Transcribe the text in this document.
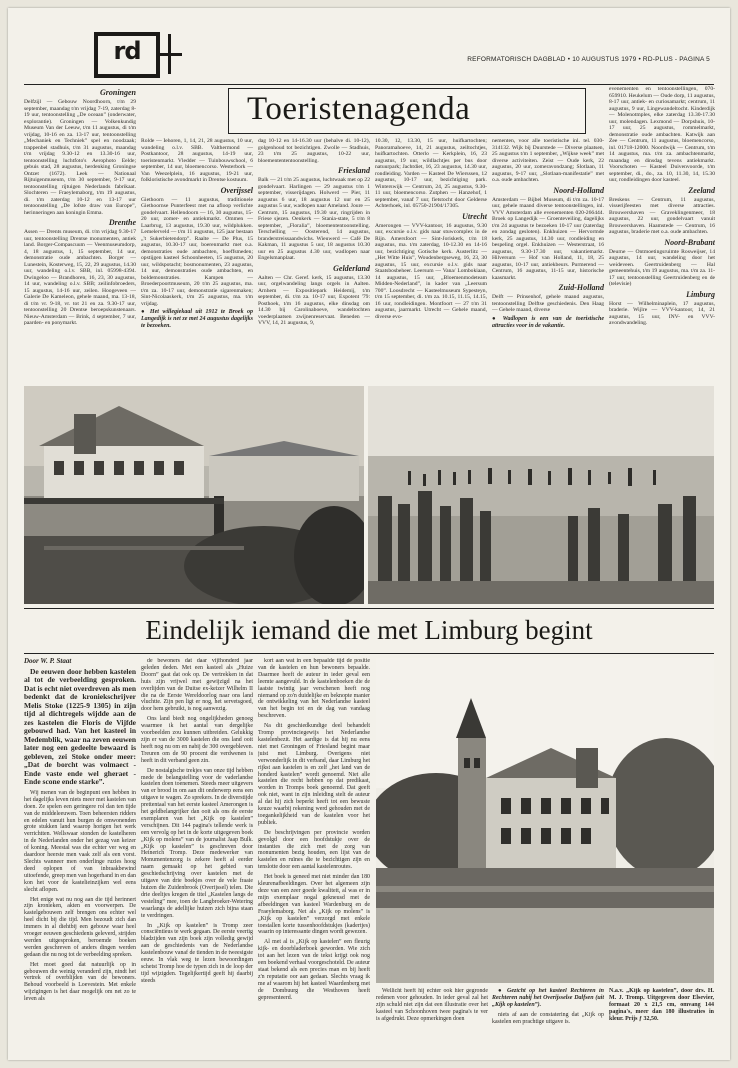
rd	REFORMATORISCH DAGBLAD • 10 AUGUSTUS 1979 • RD-PLUS - PAGINA 5
Toeristenagenda
Groningen

Delfzijl — Gebouw Noordhoorn, t/m 29 september, maandag t/m vrijdag 7-19, zaterdag 8-19 uur, tentoonstelling „De oceaan” (onderwater, explorantie). Groningen — Volkenkundig Museum Van der Leeuw, t/m 11 augustus, di t/m vrijdag, 10-16 en za. 13-17 uur, tentoonstelling „Mechaniek en Techniek” spel en noodzaak; trappenbel stadhuis, t/m 31 augustus, maandag t/m vrijdag 9.30-12 en 13.30-16 uur, tentoonstelling luchtfoto's Aerophoto Eelde; gebuis stad, 28 augustus, herdenking Groningse Ontzet (1672). Leek — Nationaal Rijtuigenmuseum, t/m 30 september, 9-17 uur, tentoonstelling rijtuigen Nederlands fabrikaat. Slochteren — Fraeylemaborg, t/m 19 augustus, di. t/m zaterdag 10-12 en 13-17 uur tentoonstelling „De lofste draw van Europe”, herinneringen aan koningin Emma.

Drenthe

Assen — Drents museum, di. t/m vrijdag 9.30-17 uur, tentoonstelling Drentse monumenten, antiek land. Borger-Compascuum — Veenmuseumdorp, 4, 18 augustus, 1, 15 september, 14 uur, demonstratie oude ambachten. Borger — Lunestein, Kosterweg, 15, 22, 29 augustus, 14.30 uur, wandeling o.l.v. SBB, inl. 05998-4394. Dwingeloo — Brandhoren, 16, 23, 30 augustus, 14 uur, wandeling o.l.v. SBB; zeilinfobroeders, 15 augustus, 14-16 uur, zeilen. Hoogeveen — Galerie De Kameleon, gehele maand, ma. 13-18, di t/m vr. 9-18, vr. tot 21 en za. 9.30-17 uur, tentoonstelling 20 Drentse beroepskunstenaars. Nieuw-Amsterdam — Brink, 4 september, 7 uur, paarden- en ponymarkt.

Rolde — Iehoren, 1, 14, 21, 28 augustus, 10 uur, wandeling o.l.v. SBB. Valthermond — Postkantoor, 28 augustus, 14-19 uur, toeristenmarkt. Vledder — Tuinbouwschool, 6 september, 14 uur, bloemencorso. Westerbork — Van Weezelplein, 16 augustus, 19-21 uur, folkloristische avondmarkt in Drentse kostuum.

Overijssel

Giethoorn — 11 augustus, traditionele Giethoornse Punterfeest met na afloop verlichte gondelvaart. Hellendoorn — 16, 30 augustus, 15-20 uur, zomer- en antiekmarkt. Ommen — Laarbrug, 13 augustus, 19.30 uur, wildplukken. Lemelerveld — t/m 11 augustus, 125 jaar bestaan „'t Sukerbietendorp”. Raalte — De Plus, 15 augustus, 10.30-17 uur, boerenmarkt met o.a. demonstraties oude ambachten, hoeffsmeden; opstijgen kasteel Schoonheeten, 15 augustus, 20 uur, wildspotacht; bosmonumenten, 23 augustus, 14 uur, demonstraties oude ambachten, en boldemonstraties. Kampen — Broederpoortmuseum, 20 t/m 25 augustus, ma. t/m za. 10-17 uur, demonstratie sigarenmaken; Sint-Nicolaaskerk, t/m 25 augustus, ma. t/m vrijdag.

● Het willegiekaal uit 1912 te Broek op Langedijk is net ze met 24 augustus dagelijks te bezoeken.

dag 10-12 en 14-16.30 uur (behalve di. 10-12), golgenhoud tot bezichtigen. Zwolle — Stadhuis, 23 t/m 25 augustus, 10-22 uur, bloementententoonstelling.

Friesland

Balk — 21 t/m 25 augustus, luchtwaak met op 22 gondelvaart. Harlingen — 29 augustus t/m 1 september, visserijdagen. Holwerd — Pier, 11 augustus 6 uur, 18 augustus 12 uur en 25 augustus 5 uur, wadlopen naar Ameland. Joure — Centrum, 15 augustus, 19.30 uur, ringrijden in Friese sjezen. Oenkerk — Stania-state, 5 t/m 8 september, „Floralia”, bloemententoonstelling. Terschelling — Oosterend, 14 augustus, branderstreissaandwichs. Wieuwerd — Café De Kakman, 11 augustus 5 uur, 18 augustus 10.30 uur en 25 augustus 4.30 uur, wadlopen naar Engelsmanplaat.

Gelderland

Aalten — Chr. Geref. kerk, 15 augustus, 13.30 uur, orgelwandeling langs orgels in Aalten. Arnhem — Expositiepark Heidemij, t/m september, di. t/m za. 10-17 uur, Expotent '79: Posthoek, t/m 16 augustus, elke dinsdag om 14.30 bij Carolinaboeve, wandeltochten voederplaatsen zwijnenreservaat. Beneden — VVV, 14, 21 augustus, 9,

10.30, 12, 13.30, 15 uur, huifkartochten; Panoramahoeve, 14, 21 augustus, zeiltochtjes, huifkartochten. Otterlo — Kerkplein, 16, 23 augustus, 19 uur, wildlachtjes per bus door natuurpark; Jachtdiet, 16, 23 augustus, 14.30 uur, rondleiding. Varden — Kasteel De Wiersssen, 12 augustus, 10-17 uur, bezichtiging park. Winterswijk — Centrum, 24, 25 augustus, 9.30-11 uur, bloemencorso. Zutphen — Hanzehof, 1 september, vanaf 7 uur, fietstocht door Gelderse Achterhoek, inl. 05750-21904/17305.

Utrecht

Amerongen — VVV-kantoor, 16 augustus, 9.30 uur, excursie o.l.v. gids naar stuwcomplex in de Rijn. Amersfoort — Sint-Joriskerk, t/m 18 augustus, ma. t/m zaterdag, 10-12.30 en 14-16 uur, bezichtiging Gotische kerk. Austerlitz — „Het Witte Huis”, Woudenbergseweg, 16, 23, 30 augustus, 15 uur, excursie o.l.v. gids naar Staatsbosbeheer. Leersum — Vana/ Lombokiaan, 14 augustus, 15 uur, „Bloemenmodeteam Midden-Nederland”, in kader van „Leersum 700”. Loosdrecht — Kasteelmuseum Sypesteyn, t/m 15 september, di. t/m za. 10.15, 11.15, 14.15, 16 uur, rondleidingen. Montfoort — 27 t/m 31 augustus, jaarmarkt. Utrecht — Gehele maand, diverse evo-

nementen, voor alle toeristische inl. tel. 030-314132. Wijk bij Duurstede — Diverse plaatsen, 25 augustus t/m 1 september, „Wijkse week” met diverse activiteiten. Zeist — Oude kerk, 22 augustus, 20 uur, zomeravondzang; Slotlaan, 11 augustus, 9-17 uur, „Slotlaan-manifestatie” met o.a. oude ambachten.

Noord-Holland

Amsterdam — Bijbel Museum, di t/m za. 10-17 uur, gehele maand diverse tentoonstellingen, inl. VVV Amsterdam alle evenementen 020-266444. Broek op Langedijk — Groenteveiling, dagelijks t/m 24 augustus te bezoeken 10-17 uur (zaterdag en zondag gesloten). Enkhuizen — Hervormde kerk, 25 augustus, 14.30 uur, rondleiding en bespeling orgel. Enkhuizen — Westerstraat, 16 augustus, 9.30-17.30 uur, vakantiemarkt. Hilversum — Hof van Holland, 11, 18, 25 augustus, 10-17 uur, antiekbeurs. Purmerend — Centrum, 16 augustus, 11-15 uur, historische kaasmarkt.

Zuid-Holland

Delft — Prinsenhof, gehele maand augustus, tentoonstelling Delftse geschiedenis. Den Haag — Gehele maand, diverse

● Wadlopen is een van de toeristische attracties voor in de vakantie.

evenementen en tentoonstellingen, 070-659910. Heukelum — Oude dorp, 11 augustus, 8-17 uur, antiek- en curiosamarkt; centrum, 11 augustus, 9 uur, Lingewandeltocht. Kinderdijk — Molenotmples, elke zaterdag 13.30-17.30 uur, molendagen. Lexmond — Dorpshuis, 10-17 uur, 25 augustus, rommelmarkt, demonstratie oude ambachten. Katwijk aan Zee — Centrum, 11 augustus, bloemencorso, inl. 01718-12000. Noordwijk — Centrum, t/m 14 augustus, ma. t/m za. ambachtenmarkt, maandag en dinsdag tevens antiekmarkt. Voorschoten — Kasteel Duivenvoorde, t/m september, di., do., za. 10, 11.30, 14, 15.30 uur, rondleidingen door kasteel.

Zeeland

Breskens — Centrum, 11 augustus, visserijfeesten met diverse attracties. Brouwershaven — Graveklingenmeer, 18 augustus, 22 uur, gondelvaart vanuit Brouwershaven. Haamstede — Centrum, 16 augustus, braderie met o.a. oude ambachten.

Noord-Brabant

Deurne — Ontmoetingsruimte Rosweijser, 14 augustus, 14 uur, wandeling door het weideveen. Geertruidenberg — Hal gemeentehuis, t/m 19 augustus, ma. t/m za. 11-17 uur, tentoonstelling Geertruidenberg en de (televisie)

Limburg

Horst — Wilhelminaplein, 17 augustus, braderie. Wijlre — VVV-kantoor, 14, 21 augustus, 15 uur, INV- en VVV-avondwandeling.

Eindelijk iemand die met Limburg begint

Door W. P. Staat

De eeuwen door hebben kastelen al tot de verbeelding gesproken. Dat is echt niet overdreven als men bedenkt dat de kroniekschrijver Melis Stoke (1225-9 1305) in zijn tijd al dichtregels wijdde aan de zes kastelen die Floris de Vijfde gebouwd had. Van het kasteel in Medemblik, waar na zeven eeuwen later nog een gedeelte bewaard is gebleven, zei Stoke onder meer: „Dat de borcht was volmaect - Ende vaste ende wel gheraet - Ende scone ende starke”.

Wij menen van de beginpunt een hebben in het dagelijks leven niets meer met kastelen van doen. Ze spelen een geringere rol dan ten tijde van de middeleeuwen. Toen beheersten ridders en edelen vanuit hun burgen de omwonenden grote stukken land waarop horigen het werk verrichtten. Wellswaar stonden de kastelheren in de Nederlanden onder het gezag van keizer of koning. Meestal was die echter ver weg en daardoor heerste men vaak zelf als een vorst. Slechts wanneer men onderlinge ruzies hoog deed oplopen of van inbraakbewind uitoefende, greep men van hogerhand in en dan kon het voor de kastelieinzijken wel eens slecht aflopen.

Het enige wat nu nog aan die tijd herinnert zijn kronieken, akten en voorwerpen. De kastelgebouwen zelf brengen ons echter wel heel dicht bij die tijd. Men bezoudt zich dan immers in al diehtbij een gebouw waar heel vroeger eeuwen geschiedenis geleverd, strijden werden uitgesproken, beroemde boeken werden geschreven of anders dingen werden gedaan die nu nog tot de verbeelding spreken.

Het moet goed dat natuurlijk op in gebouwen die weinig veranderd zijn, nindt het vertrek of overblijden van de bewoners. Behoud voorbeeld is Loevestein. Met enkele wijzigingen is het daar mogelijk om net zo te leven als

de bewoners dat daar vijfhonderd jaar geleden deden. Met een kasteel als „Huize Doorn” gaat dat ook op. De vertrekken in dat huis zijn vrijwel met gewijzigd na het overlijden van de Duitse ex-keizer Wilhelm II die na de Eerste Wereldoorlog naar ons land vluchtte. Zijn pen ligt er nog, het servetsgoed, door hem gebruikt, is nog aanwezig.

Ons land biedt nog ongelijkheden genoeg waarmee ik het aantal van dergelijke voorbeelden zou kunnen uitbreiden. Gelukkig zijn er van de 3000 kastelen die ons land ooit heeft nog nu om en nabij de 300 overgebleven. Treuren om de 90 procent die verdwenen is heeft in dit verband geen zin.

De nostalgische trekjes van onze tijd hebben mede de belangstelling voor de vaderlandse kastelen doen toenemen. Steeds meer uitgevers van er brood in om aan dit onderwerp eens een uitgave te wagen. Zo sprekers. In de diverstijde prettentaal van het eerste kasteel Amerongen is het geldbelangrijker dan ooit als ons de eerste exemplaren van het „Kijk op kastelen” verschijnen. Dit 144 pagina's tellende werk is een vervolg op het in de korte uitgegeven boek „Kijk op molens” van de journalist Jaap Bulk. „Kijk op kastelen” is geschreven door Heinerich Tromp. Deze medewerker van Monumentenzorg is zekere heeft al eerder naam gemaakt op het gebied van geschiedschrijving over kastelen met de uitgave van drie boekjes over de vele fraaie huizen die Zuidenbrook (Overijssel) telen. Die drie deeltjes kregen de titel „Kastelen langs de vesteling” mee, toen de Langbroeker-Wetering waarlangs de adellijke huizen zich bijna staan te verdringen.

In „Kijk op kastelen” is Tromp zeer consciëntieus te werk gegaan. De eerste veertig bladzijden van zijn boek zijn volledig gewijd aan de geschiedenis van de Nederlandse kastelenbouw vanaf de tienden in de tweesigste eeuw. In vlak weg te lezen bewoordingen schetst Tromp hoe de typen zich in de loop der tijd wijzigden. Tegelijkertijd geeft hij daarbij steeds

kort aan wat in een bepaalde tijd de positie van de kastelen en hun bewoners bepaalde. Daarmee heeft de auteur in ieder geval een leemte aangevuld. In de kastelenboeken die de laatste twintig jaar verschenen heeft nog niemand op zo'n duidelijke en beknopte manier de ontwikkeling van het Nederlandse kasteel van het begin tot en de dag van vandaag beschreven.

Na dit geschiedkundige deel behandelt Tromp provinciegewijs het Nederlandse kastelenbezit. Het aardige is dat hij nu eens niet met Groningen of Friesland begint maar juist met Limburg. Overigens niet verwonderlijk in dit verband, daar Limburg het rijkst aan kastelen is en zelf „het land van de honderd kastelen” wordt genoemd. Niet alle kastelen die recht hebben op dat predikaat, worden in Tromps boek genoemd. Dat geeft ook niet, want in zijn inleiding stelt de auteur al dat hij zich beperkt heeft tot een bewuste keuze waarbij rekening werd gehouden met de toegankelijkheid van de kastelen voor het publiek.

De beschrijvingen per provincie worden gevolgd door een hoofdstukje over de instanties die zich met de zorg van monumenten bezig houden, een lijst van de kastelen en ruïnes die te bezichtigen zijn en tenslotte door een aantal kastelenroutes.

Het boek is geneed met niet minder dan 180 kleurenafbeeldingen. Over het algemeen zijn deze van een zeer goede kwaliteit, al was er in mijn exemplaar nogal gekneusd met de afbeeldingen van kasteel Wardenburg en de Fraeylemaborg. Net als „Kijk op molens” is „Kijk op kastelen” verzorgd met enkele toestallen korte tussenhoofdstukjes (kadertjes) waarin op interessante dingen wordt gewezen.

Al met al is „Kijk op kastelen” een fleurig kijk- en doorbladerboek geworden. Wie zich tot aan het lezen van de tekst krijgt ook nog een boekend verhaal voorgeschoteld. De auteur staat bekend als een precies man en bij heeft z'n reputatie oor aan gedaan. Slechts vraag ik me af waarom hij het kasteel Waardenberg met de Dombuurg die Westhoven heeft gepresenteerd.

Wellicht heeft hij echter ook hier gegronde redenen voor gehouden. In ieder geval zal het zijn schuld niet zijn dat een illustratie over het kasteel van Schoonhoven twee pagina's te ver is afgedrukt. Deze opmerkingen doen

● Gezicht op het kasteel Rechteren in Rechteren nabij het Overijsselse Dalfsen (uit „Kijk op kastelen”).

niets af aan de constatering dat „Kijk op kastelen een prachtige uitgave is.

N.a.v. „Kijk op kastelen”, door drs. H. M. J. Tromp. Uitgegeven door Elsevier, formaat 20 x 21,5 cm, omvang 144 pagina's, meer dan 180 illustraties in kleur. Prijs ƒ 32,50.
